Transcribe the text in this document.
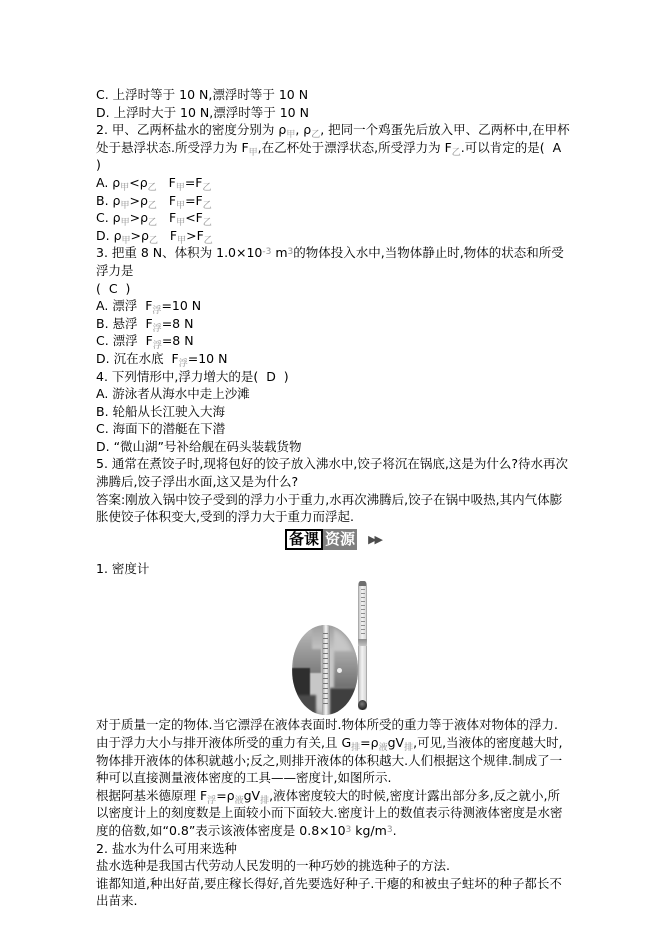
C. 上浮时等于 10 N,漂浮时等于 10 N

D. 上浮时大于 10 N,漂浮时等于 10 N

2. 甲、乙两杯盐水的密度分别为 $\rho_甲$, $\rho_乙$, 把同一个鸡蛋先后放入甲、乙两杯中,在甲杯处于悬浮状态.所受浮力为 $F_甲$,在乙杯处于漂浮状态,所受浮力为 $F_乙$.可以肯定的是(  A  )

A. $\rho_甲<\rho_乙$   $F_甲=F_乙$

B. $\rho_甲>\rho_乙$   $F_甲=F_乙$

C. $\rho_甲>\rho_乙$   $F_甲<F_乙$

D. $\rho_甲>\rho_乙$   $F_甲>F_乙$

3. 把重 8 N、体积为 $1.0\times 10^{-3}$ $m^3$的物体投入水中,当物体静止时,物体的状态和所受浮力是

(  C  )

A. 漂浮  $F_浮=10$ N

B. 悬浮  $F_浮=8$ N

C. 漂浮  $F_浮=8$ N

D. 沉在水底  $F_浮=10$ N

4. 下列情形中,浮力增大的是(  D  )

A. 游泳者从海水中走上沙滩

B. 轮船从长江驶入大海

C. 海面下的潜艇在下潜

D. “微山湖”号补给舰在码头装载货物

5. 通常在煮饺子时,现将包好的饺子放入沸水中,饺子将沉在锅底,这是为什么?待水再次沸腾后,饺子浮出水面,这又是为什么?

答案:刚放入锅中饺子受到的浮力小于重力,水再次沸腾后,饺子在锅中吸热,其内气体膨胀使饺子体积变大,受到的浮力大于重力而浮起.

备课 资源 ▶▶

1. 密度计

对于质量一定的物体.当它漂浮在液体表面时.物体所受的重力等于液体对物体的浮力.由于浮力大小与排开液体所受的重力有关,且 $G_排=\rho_液gV_排$,可见,当液体的密度越大时,物体排开液体的体积就越小;反之,则排开液体的体积越大.人们根据这个规律.制成了一种可以直接测量液体密度的工具——密度计,如图所示.

根据阿基米德原理 $F_浮=\rho_液gV_排$,液体密度较大的时候,密度计露出部分多,反之就小,所以密度计上的刻度数是上面较小而下面较大.密度计上的数值表示待测液体密度是水密度的倍数,如“0.8”表示该液体密度是 $0.8\times 10^3$ $kg/m^3$.

2. 盐水为什么可用来选种

盐水选种是我国古代劳动人民发明的一种巧妙的挑选种子的方法.

谁都知道,种出好苗,要庄稼长得好,首先要选好种子.干瘪的和被虫子蛀坏的种子都长不出苗来.
